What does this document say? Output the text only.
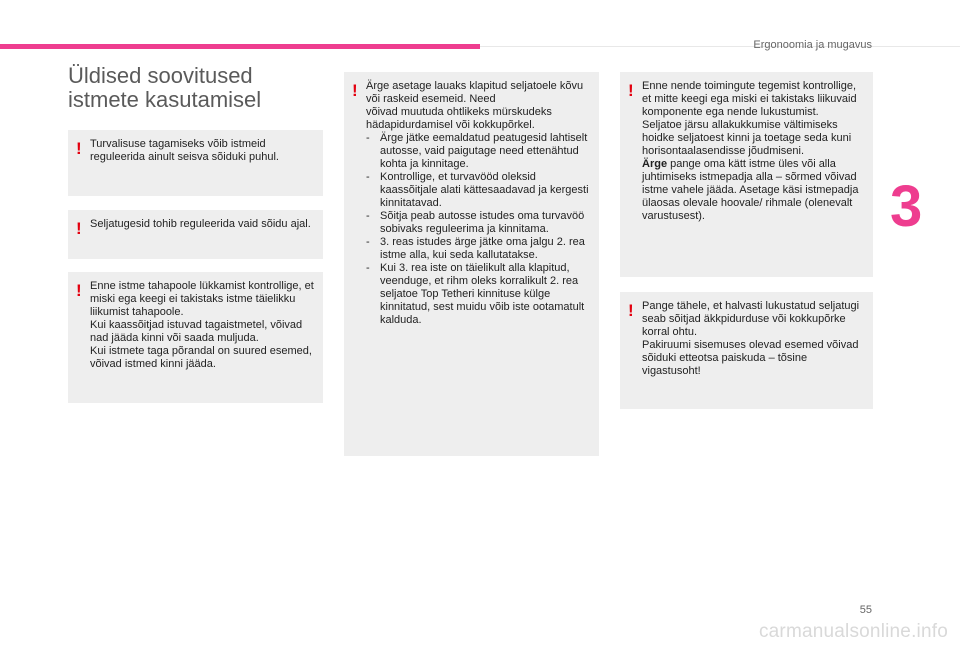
Ergonoomia ja mugavus
3
Üldised soovitused
istmete kasutamisel
! Turvalisuse tagamiseks võib istmeid reguleerida ainult seisva sõiduki puhul.

! Seljatugesid tohib reguleerida vaid sõidu ajal.

! Enne istme tahapoole lükkamist kontrollige, et miski ega keegi ei takistaks istme täielikku liikumist tahapoole.

Kui kaassõitjad istuvad tagaistmetel, võivad nad jääda kinni või saada muljuda.

Kui istmete taga põrandal on suured esemed, võivad istmed kinni jääda.

! Ärge asetage lauaks klapitud seljatoele kõvu või raskeid esemeid. Need

võivad muutuda ohtlikeks mürskudeks hädapidurdamisel või kokkupõrkel.

- Ärge jätke eemaldatud peatugesid lahtiselt autosse, vaid paigutage need ettenähtud kohta ja kinnitage.
- Kontrollige, et turvavööd oleksid kaassõitjale alati kättesaadavad ja kergesti kinnitatavad.
- Sõitja peab autosse istudes oma turvavöö sobivaks reguleerima ja kinnitama.
- 3. reas istudes ärge jätke oma jalgu 2. rea istme alla, kui seda kallutatakse.
- Kui 3. rea iste on täielikult alla klapitud, veenduge, et rihm oleks korralikult 2. rea seljatoe Top Tetheri kinnituse külge kinnitatud, sest muidu võib iste ootamatult kalduda.
! Enne nende toimingute tegemist kontrollige, et mitte keegi ega miski ei takistaks liikuvaid komponente ega nende lukustumist.

Seljatoe järsu allakukkumise vältimiseks hoidke seljatoest kinni ja toetage seda kuni horisontaalasendisse jõudmiseni.

Ärge pange oma kätt istme üles või alla juhtimiseks istmepadja alla – sõrmed võivad istme vahele jääda. Asetage käsi istmepadja ülaosas olevale hoovale/ rihmale (olenevalt varustusest).

! Pange tähele, et halvasti lukustatud seljatugi seab sõitjad äkkpidurduse või kokkupõrke korral ohtu.

Pakiruumi sisemuses olevad esemed võivad sõiduki etteotsa paiskuda – tõsine vigastusoht!

55
carmanualsonline.info
